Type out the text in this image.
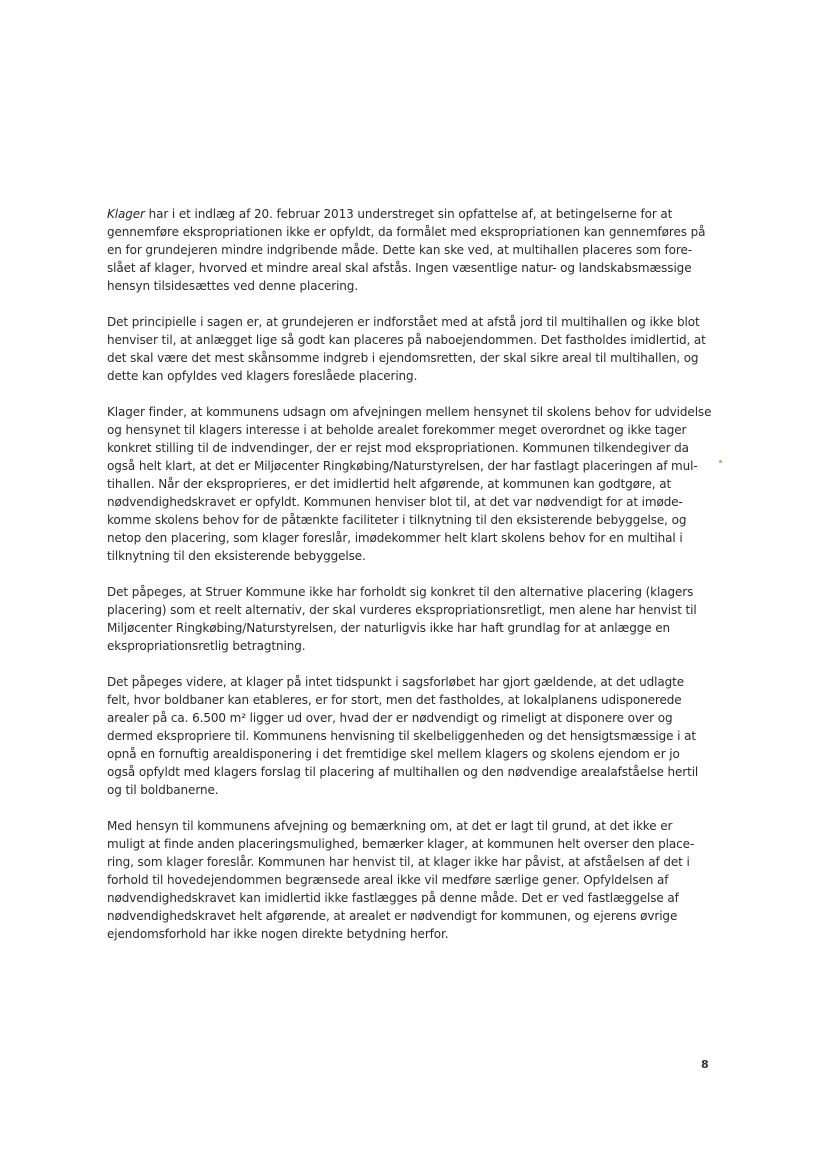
Klager har i et indlæg af 20. februar 2013 understreget sin opfattelse af, at betingelserne for at
gennemføre ekspropriationen ikke er opfyldt, da formålet med ekspropriationen kan gennemføres på
en for grundejeren mindre indgribende måde. Dette kan ske ved, at multihallen placeres som fore-
slået af klager, hvorved et mindre areal skal afstås. Ingen væsentlige natur- og landskabsmæssige
hensyn tilsidesættes ved denne placering.

Det principielle i sagen er, at grundejeren er indforstået med at afstå jord til multihallen og ikke blot
henviser til, at anlægget lige så godt kan placeres på naboejendommen. Det fastholdes imidlertid, at
det skal være det mest skånsomme indgreb i ejendomsretten, der skal sikre areal til multihallen, og
dette kan opfyldes ved klagers foreslåede placering.

Klager finder, at kommunens udsagn om afvejningen mellem hensynet til skolens behov for udvidelse
og hensynet til klagers interesse i at beholde arealet forekommer meget overordnet og ikke tager
konkret stilling til de indvendinger, der er rejst mod ekspropriationen. Kommunen tilkendegiver da
også helt klart, at det er Miljøcenter Ringkøbing/Naturstyrelsen, der har fastlagt placeringen af mul-
tihallen. Når der eksproprieres, er det imidlertid helt afgørende, at kommunen kan godtgøre, at
nødvendighedskravet er opfyldt. Kommunen henviser blot til, at det var nødvendigt for at imøde-
komme skolens behov for de påtænkte faciliteter i tilknytning til den eksisterende bebyggelse, og
netop den placering, som klager foreslår, imødekommer helt klart skolens behov for en multihal i
tilknytning til den eksisterende bebyggelse.

Det påpeges, at Struer Kommune ikke har forholdt sig konkret til den alternative placering (klagers
placering) som et reelt alternativ, der skal vurderes ekspropriationsretligt, men alene har henvist til
Miljøcenter Ringkøbing/Naturstyrelsen, der naturligvis ikke har haft grundlag for at anlægge en
ekspropriationsretlig betragtning.

Det påpeges videre, at klager på intet tidspunkt i sagsforløbet har gjort gældende, at det udlagte
felt, hvor boldbaner kan etableres, er for stort, men det fastholdes, at lokalplanens udisponerede
arealer på ca. 6.500 m² ligger ud over, hvad der er nødvendigt og rimeligt at disponere over og
dermed ekspropriere til. Kommunens henvisning til skelbeliggenheden og det hensigtsmæssige i at
opnå en fornuftig arealdisponering i det fremtidige skel mellem klagers og skolens ejendom er jo
også opfyldt med klagers forslag til placering af multihallen og den nødvendige arealafståelse hertil
og til boldbanerne.

Med hensyn til kommunens afvejning og bemærkning om, at det er lagt til grund, at det ikke er
muligt at finde anden placeringsmulighed, bemærker klager, at kommunen helt overser den place-
ring, som klager foreslår. Kommunen har henvist til, at klager ikke har påvist, at afståelsen af det i
forhold til hovedejendommen begrænsede areal ikke vil medføre særlige gener. Opfyldelsen af
nødvendighedskravet kan imidlertid ikke fastlægges på denne måde. Det er ved fastlæggelse af
nødvendighedskravet helt afgørende, at arealet er nødvendigt for kommunen, og ejerens øvrige
ejendomsforhold har ikke nogen direkte betydning herfor.

8
